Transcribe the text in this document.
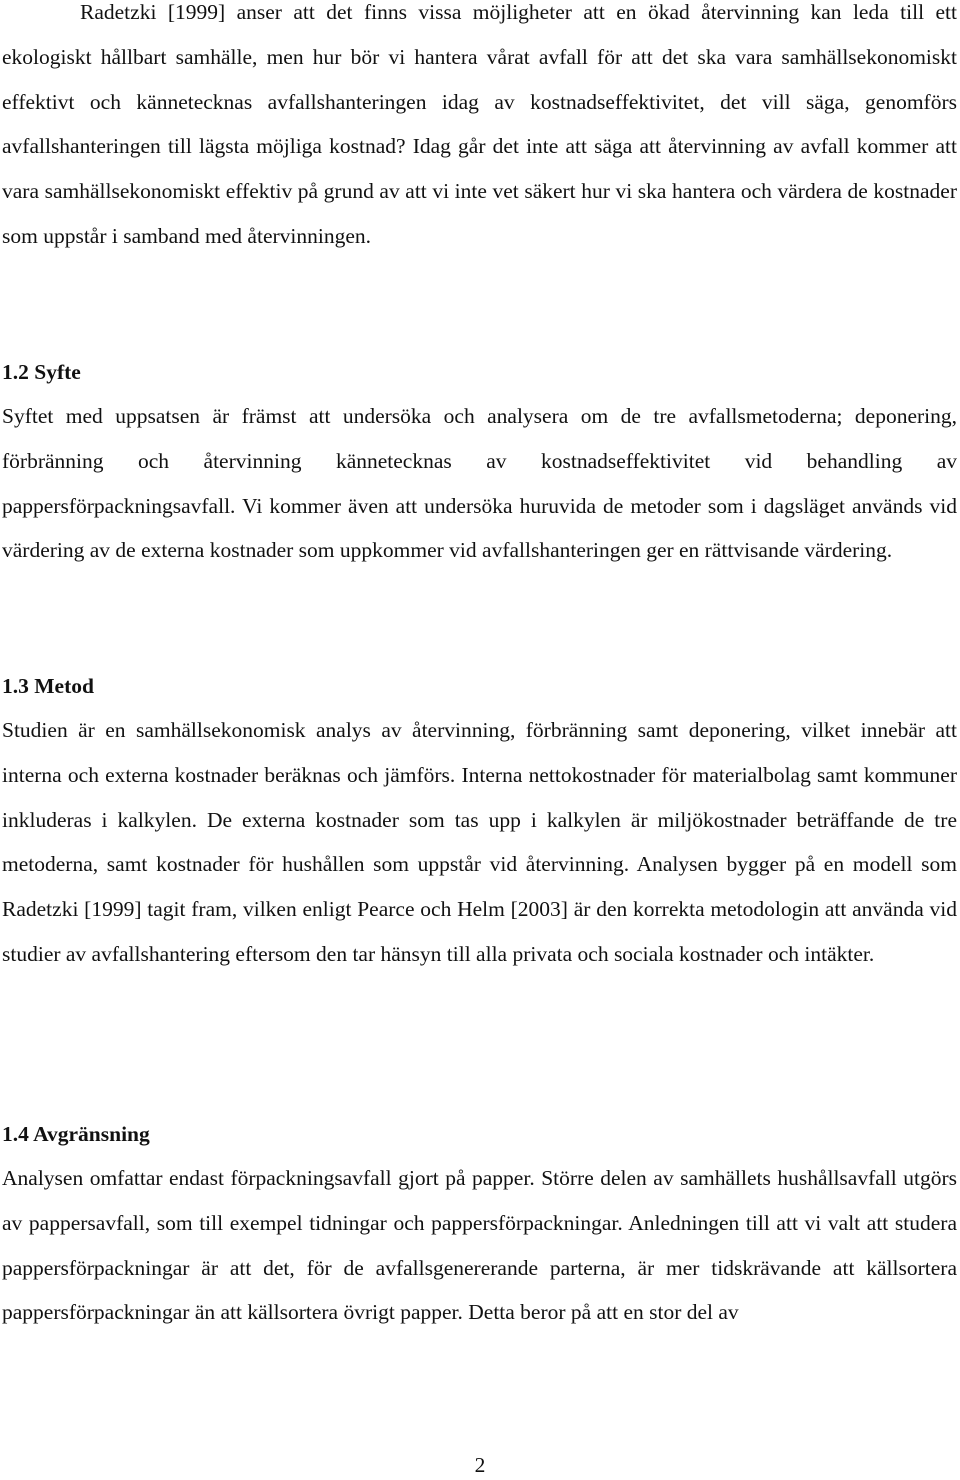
Radetzki [1999] anser att det finns vissa möjligheter att en ökad återvinning kan leda till ett ekologiskt hållbart samhälle, men hur bör vi hantera vårat avfall för att det ska vara samhällsekonomiskt effektivt och kännetecknas avfallshanteringen idag av kostnadseffektivitet, det vill säga, genomförs avfallshanteringen till lägsta möjliga kostnad? Idag går det inte att säga att återvinning av avfall kommer att vara samhällsekonomiskt effektiv på grund av att vi inte vet säkert hur vi ska hantera och värdera de kostnader som uppstår i samband med återvinningen.

1.2 Syfte

Syftet med uppsatsen är främst att undersöka och analysera om de tre avfallsmetoderna; deponering, förbränning och återvinning kännetecknas av kostnadseffektivitet vid behandling av pappersförpackningsavfall. Vi kommer även att undersöka huruvida de metoder som i dagsläget används vid värdering av de externa kostnader som uppkommer vid avfallshanteringen ger en rättvisande värdering.

1.3 Metod

Studien är en samhällsekonomisk analys av återvinning, förbränning samt deponering, vilket innebär att interna och externa kostnader beräknas och jämförs. Interna nettokostnader för materialbolag samt kommuner inkluderas i kalkylen. De externa kostnader som tas upp i kalkylen är miljökostnader beträffande de tre metoderna, samt kostnader för hushållen som uppstår vid återvinning. Analysen bygger på en modell som Radetzki [1999] tagit fram, vilken enligt Pearce och Helm [2003] är den korrekta metodologin att använda vid studier av avfallshantering eftersom den tar hänsyn till alla privata och sociala kostnader och intäkter.

1.4 Avgränsning

Analysen omfattar endast förpackningsavfall gjort på papper. Större delen av samhällets hushållsavfall utgörs av pappersavfall, som till exempel tidningar och pappersförpackningar. Anledningen till att vi valt att studera pappersförpackningar är att det, för de avfallsgenererande parterna, är mer tidskrävande att källsortera pappersförpackningar än att källsortera övrigt papper. Detta beror på att en stor del av

2
